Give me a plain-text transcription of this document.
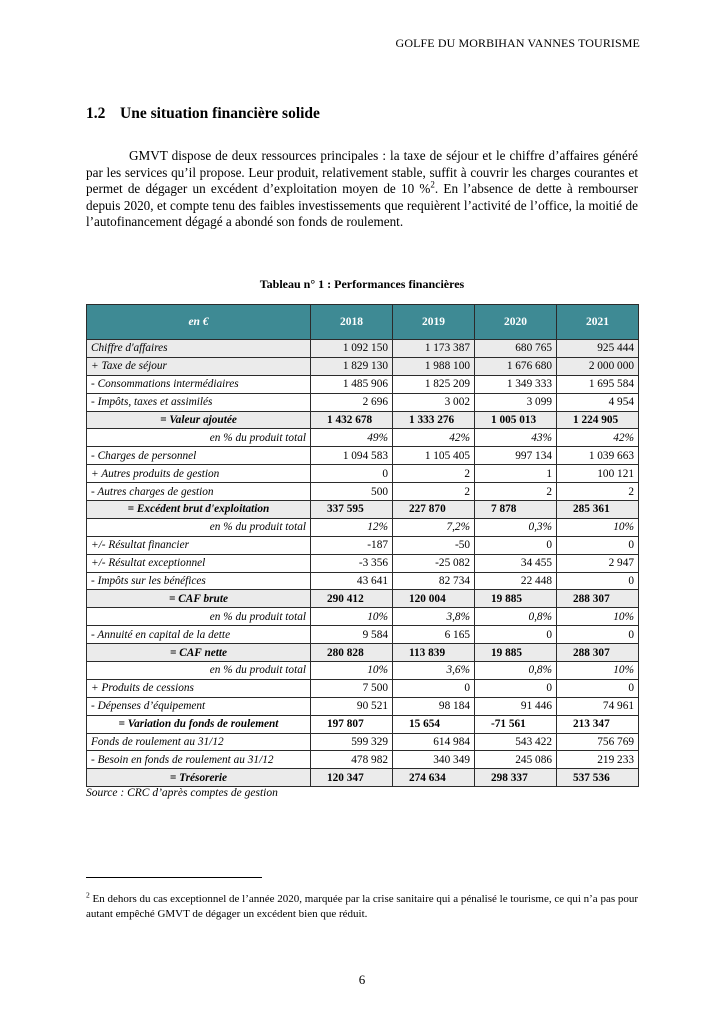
GOLFE DU MORBIHAN VANNES TOURISME
1.2 Une situation financière solide
GMVT dispose de deux ressources principales : la taxe de séjour et le chiffre d’affaires généré par les services qu’il propose. Leur produit, relativement stable, suffit à couvrir les charges courantes et permet de dégager un excédent d’exploitation moyen de 10 %$^2$. En l’absence de dette à rembourser depuis 2020, et compte tenu des faibles investissements que requièrent l’activité de l’office, la moitié de l’autofinancement dégagé a abondé son fonds de roulement.
Tableau n° 1 : Performances financières
en €	2018	2019	2020	2021
Chiffre d'affaires	1 092 150	1 173 387	680 765	925 444
+ Taxe de séjour	1 829 130	1 988 100	1 676 680	2 000 000
- Consommations intermédiaires	1 485 906	1 825 209	1 349 333	1 695 584
- Impôts, taxes et assimilés	2 696	3 002	3 099	4 954
= Valeur ajoutée	1 432 678	1 333 276	1 005 013	1 224 905
en % du produit total	49%	42%	43%	42%
- Charges de personnel	1 094 583	1 105 405	997 134	1 039 663
+ Autres produits de gestion	0	2	1	100 121
- Autres charges de gestion	500	2	2	2
= Excédent brut d'exploitation	337 595	227 870	7 878	285 361
en % du produit total	12%	7,2%	0,3%	10%
+/- Résultat financier	-187	-50	0	0
+/- Résultat exceptionnel	-3 356	-25 082	34 455	2 947
- Impôts sur les bénéfices	43 641	82 734	22 448	0
= CAF brute	290 412	120 004	19 885	288 307
en % du produit total	10%	3,8%	0,8%	10%
- Annuité en capital de la dette	9 584	6 165	0	0
= CAF nette	280 828	113 839	19 885	288 307
en % du produit total	10%	3,6%	0,8%	10%
+ Produits de cessions	7 500	0	0	0
- Dépenses d’équipement	90 521	98 184	91 446	74 961
= Variation du fonds de roulement	197 807	15 654	-71 561	213 347
Fonds de roulement au 31/12	599 329	614 984	543 422	756 769
- Besoin en fonds de roulement au 31/12	478 982	340 349	245 086	219 233
= Trésorerie	120 347	274 634	298 337	537 536
Source : CRC d’après comptes de gestion
$^2$ En dehors du cas exceptionnel de l’année 2020, marquée par la crise sanitaire qui a pénalisé le tourisme, ce qui n’a pas pour autant empêché GMVT de dégager un excédent bien que réduit.
6
